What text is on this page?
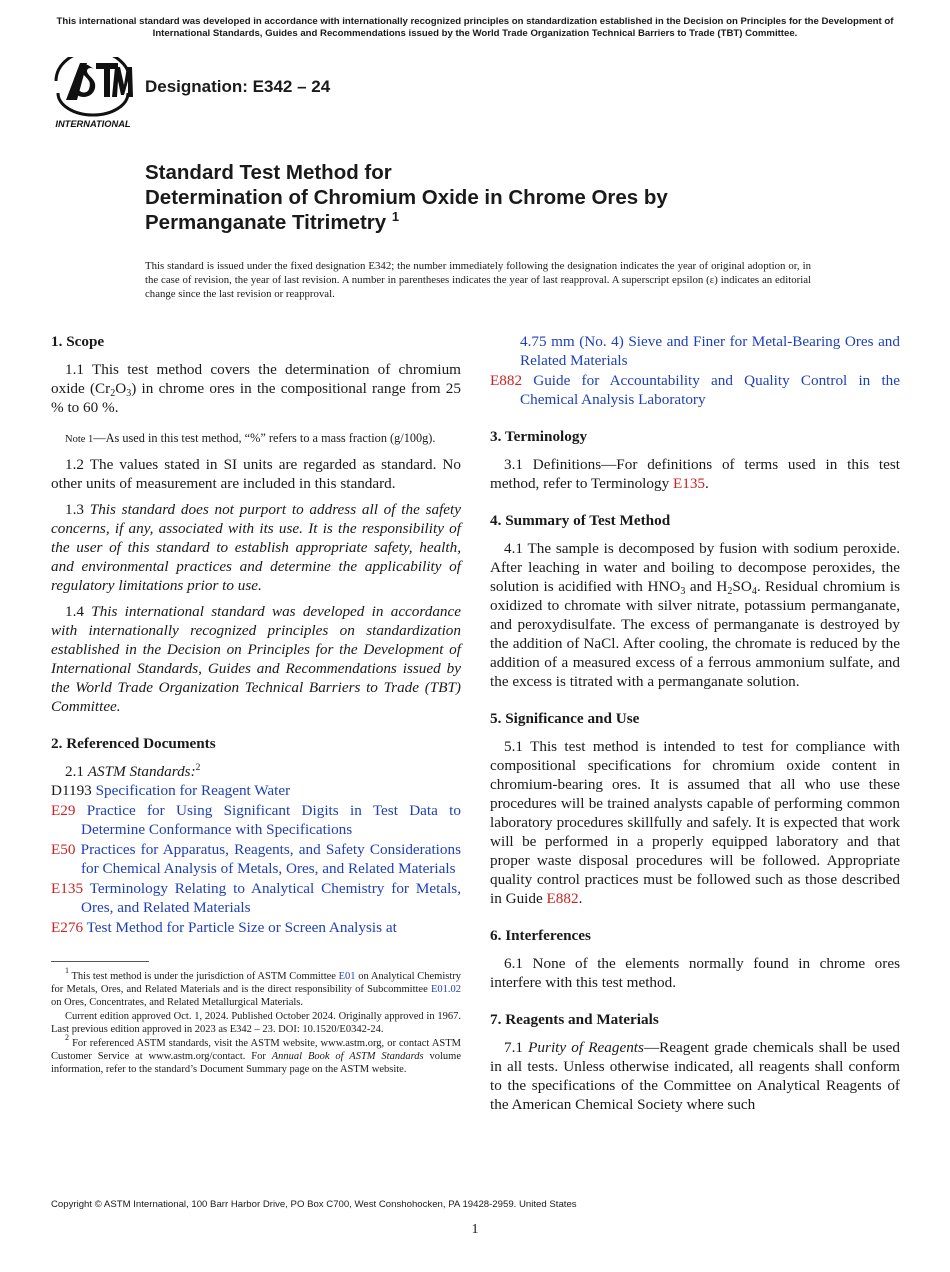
This international standard was developed in accordance with internationally recognized principles on standardization established in the Decision on Principles for the Development of International Standards, Guides and Recommendations issued by the World Trade Organization Technical Barriers to Trade (TBT) Committee.
INTERNATIONAL
Designation: E342 – 24
Standard Test Method for
Determination of Chromium Oxide in Chrome Ores by
Permanganate Titrimetry $^1$
This standard is issued under the fixed designation E342; the number immediately following the designation indicates the year of original adoption or, in the case of revision, the year of last revision. A number in parentheses indicates the year of last reapproval. A superscript epsilon (ε) indicates an editorial change since the last revision or reapproval.
1. Scope

1.1 This test method covers the determination of chromium oxide $(Cr_2O_3)$ in chrome ores in the compositional range from 25 % to 60 %.

Note 1—As used in this test method, “%” refers to a mass fraction (g/100g).

1.2 The values stated in SI units are regarded as standard. No other units of measurement are included in this standard.

1.3 This standard does not purport to address all of the safety concerns, if any, associated with its use. It is the responsibility of the user of this standard to establish appropriate safety, health, and environmental practices and determine the applicability of regulatory limitations prior to use.

1.4 This international standard was developed in accordance with internationally recognized principles on standardization established in the Decision on Principles for the Development of International Standards, Guides and Recommendations issued by the World Trade Organization Technical Barriers to Trade (TBT) Committee.

2. Referenced Documents

2.1 ASTM Standards:$^2$

D1193 Specification for Reagent Water

E29 Practice for Using Significant Digits in Test Data to Determine Conformance with Specifications

E50 Practices for Apparatus, Reagents, and Safety Considerations for Chemical Analysis of Metals, Ores, and Related Materials

E135 Terminology Relating to Analytical Chemistry for Metals, Ores, and Related Materials

E276 Test Method for Particle Size or Screen Analysis at

4.75 mm (No. 4) Sieve and Finer for Metal-Bearing Ores and Related Materials

E882 Guide for Accountability and Quality Control in the Chemical Analysis Laboratory

3. Terminology

3.1 Definitions—For definitions of terms used in this test method, refer to Terminology E135.

4. Summary of Test Method

4.1 The sample is decomposed by fusion with sodium peroxide. After leaching in water and boiling to decompose peroxides, the solution is acidified with $HNO_3$ and $H_2SO_4$. Residual chromium is oxidized to chromate with silver nitrate, potassium permanganate, and peroxydisulfate. The excess of permanganate is destroyed by the addition of NaCl. After cooling, the chromate is reduced by the addition of a measured excess of a ferrous ammonium sulfate, and the excess is titrated with a permanganate solution.

5. Significance and Use

5.1 This test method is intended to test for compliance with compositional specifications for chromium oxide content in chromium-bearing ores. It is assumed that all who use these procedures will be trained analysts capable of performing common laboratory procedures skillfully and safely. It is expected that work will be performed in a properly equipped laboratory and that proper waste disposal procedures will be followed. Appropriate quality control practices must be followed such as those described in Guide E882.

6. Interferences

6.1 None of the elements normally found in chrome ores interfere with this test method.

7. Reagents and Materials

7.1 Purity of Reagents—Reagent grade chemicals shall be used in all tests. Unless otherwise indicated, all reagents shall conform to the specifications of the Committee on Analytical Reagents of the American Chemical Society where such

$^1$ This test method is under the jurisdiction of ASTM Committee E01 on Analytical Chemistry for Metals, Ores, and Related Materials and is the direct responsibility of Subcommittee E01.02 on Ores, Concentrates, and Related Metallurgical Materials.

Current edition approved Oct. 1, 2024. Published October 2024. Originally approved in 1967. Last previous edition approved in 2023 as E342 – 23. DOI: 10.1520/E0342-24.

$^2$ For referenced ASTM standards, visit the ASTM website, www.astm.org, or contact ASTM Customer Service at www.astm.org/contact. For Annual Book of ASTM Standards volume information, refer to the standard’s Document Summary page on the ASTM website.

Copyright © ASTM International, 100 Barr Harbor Drive, PO Box C700, West Conshohocken, PA 19428-2959. United States
1
